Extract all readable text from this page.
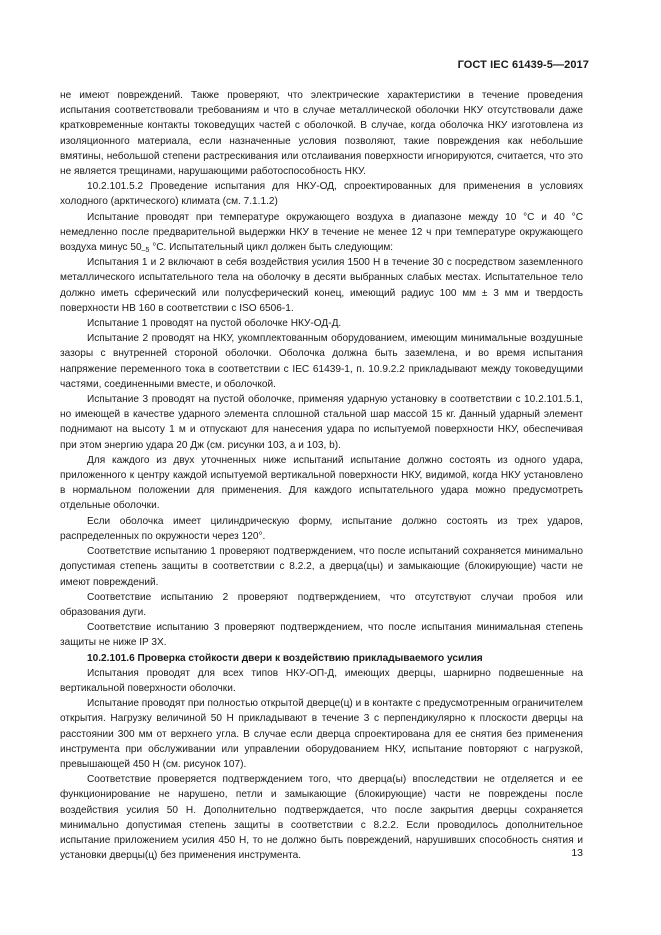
ГОСТ IEC 61439-5—2017

не имеют повреждений. Также проверяют, что электрические характеристики в течение проведения испытания соответствовали требованиям и что в случае металлической оболочки НКУ отсутствовали даже кратковременные контакты токоведущих частей с оболочкой. В случае, когда оболочка НКУ изготовлена из изоляционного материала, если назначенные условия позволяют, такие повреждения как небольшие вмятины, небольшой степени растрескивания или отслаивания поверхности игнорируются, считается, что это не является трещинами, нарушающими работоспособность НКУ.

10.2.101.5.2 Проведение испытания для НКУ-ОД, спроектированных для применения в условиях холодного (арктического) климата (см. 7.1.1.2)

Испытание проводят при температуре окружающего воздуха в диапазоне между 10 °С и 40 °С немедленно после предварительной выдержки НКУ в течение не менее 12 ч при температуре окружающего воздуха минус $50_{-5}$ °С. Испытательный цикл должен быть следующим:

Испытания 1 и 2 включают в себя воздействия усилия 1500 Н в течение 30 с посредством заземленного металлического испытательного тела на оболочку в десяти выбранных слабых местах. Испытательное тело должно иметь сферический или полусферический конец, имеющий радиус 100 мм ± 3 мм и твердость поверхности НВ 160 в соответствии с ISO 6506-1.

Испытание 1 проводят на пустой оболочке НКУ-ОД-Д.

Испытание 2 проводят на НКУ, укомплектованным оборудованием, имеющим минимальные воздушные зазоры с внутренней стороной оболочки. Оболочка должна быть заземлена, и во время испытания напряжение переменного тока в соответствии с IEC 61439-1, п. 10.9.2.2 прикладывают между токоведущими частями, соединенными вместе, и оболочкой.

Испытание 3 проводят на пустой оболочке, применяя ударную установку в соответствии с 10.2.101.5.1, но имеющей в качестве ударного элемента сплошной стальной шар массой 15 кг. Данный ударный элемент поднимают на высоту 1 м и отпускают для нанесения удара по испытуемой поверхности НКУ, обеспечивая при этом энергию удара 20 Дж (см. рисунки 103, а и 103, b).

Для каждого из двух уточненных ниже испытаний испытание должно состоять из одного удара, приложенного к центру каждой испытуемой вертикальной поверхности НКУ, видимой, когда НКУ установлено в нормальном положении для применения. Для каждого испытательного удара можно предусмотреть отдельные оболочки.

Если оболочка имеет цилиндрическую форму, испытание должно состоять из трех ударов, распределенных по окружности через 120°.

Соответствие испытанию 1 проверяют подтверждением, что после испытаний сохраняется минимально допустимая степень защиты в соответствии с 8.2.2, а дверца(цы) и замыкающие (блокирующие) части не имеют повреждений.

Соответствие испытанию 2 проверяют подтверждением, что отсутствуют случаи пробоя или образования дуги.

Соответствие испытанию 3 проверяют подтверждением, что после испытания минимальная степень защиты не ниже IP 3Х.

10.2.101.6 Проверка стойкости двери к воздействию прикладываемого усилия

Испытания проводят для всех типов НКУ-ОП-Д, имеющих дверцы, шарнирно подвешенные на вертикальной поверхности оболочки.

Испытание проводят при полностью открытой дверце(ц) и в контакте с предусмотренным ограничителем открытия. Нагрузку величиной 50 Н прикладывают в течение 3 с перпендикулярно к плоскости дверцы на расстоянии 300 мм от верхнего угла. В случае если дверца спроектирована для ее снятия без применения инструмента при обслуживании или управлении оборудованием НКУ, испытание повторяют с нагрузкой, превышающей 450 Н (см. рисунок 107).

Соответствие проверяется подтверждением того, что дверца(ы) впоследствии не отделяется и ее функционирование не нарушено, петли и замыкающие (блокирующие) части не повреждены после воздействия усилия 50 Н. Дополнительно подтверждается, что после закрытия дверцы сохраняется минимально допустимая степень защиты в соответствии с 8.2.2. Если проводилось дополнительное испытание приложением усилия 450 Н, то не должно быть повреждений, нарушивших способность снятия и установки дверцы(ц) без применения инструмента.	13
